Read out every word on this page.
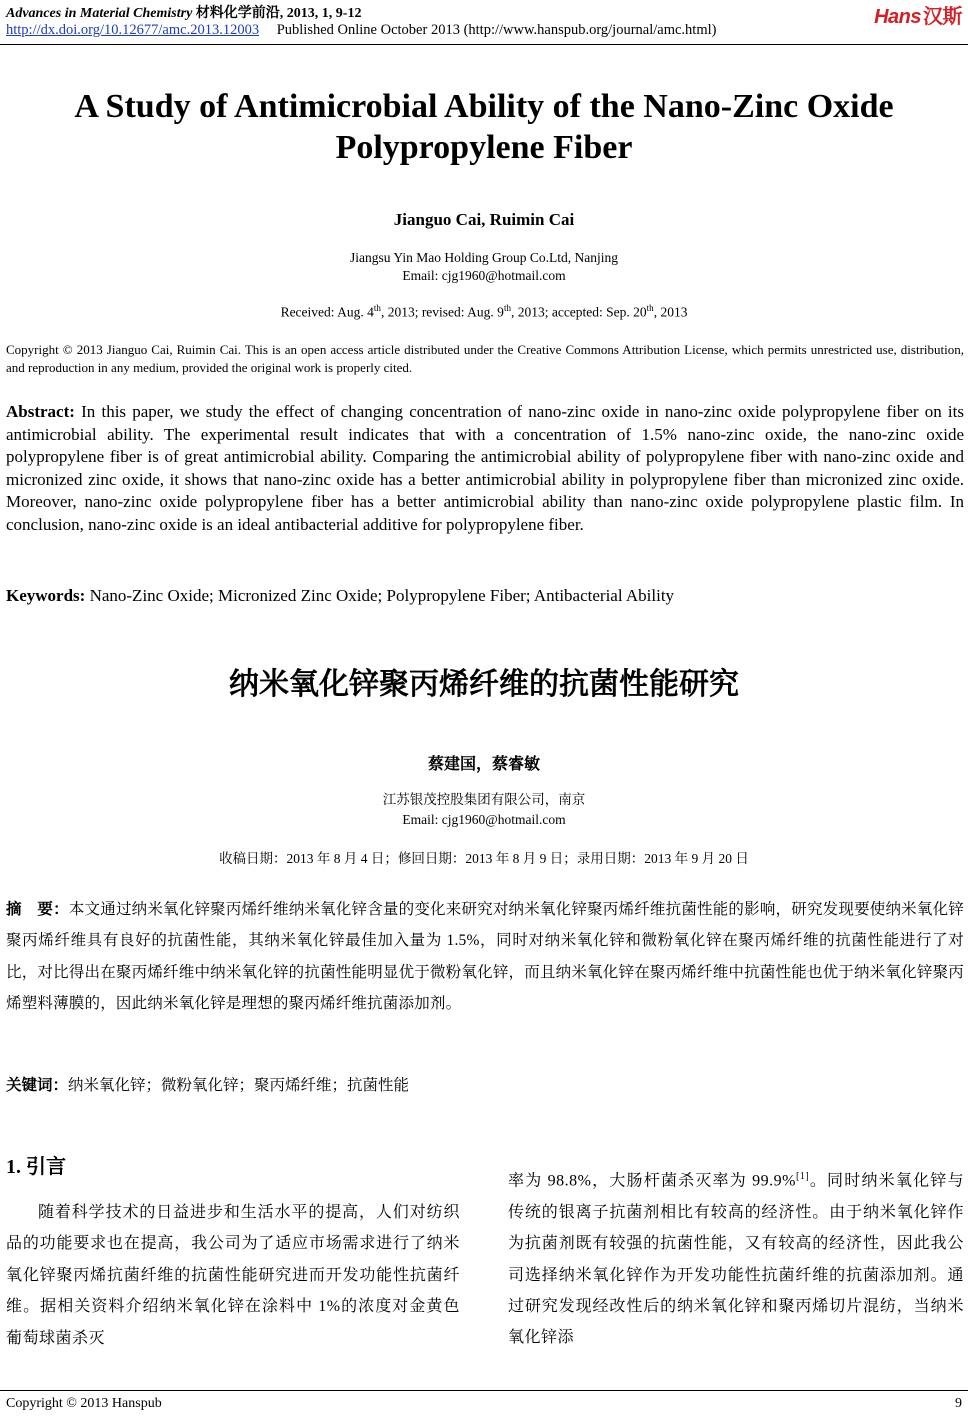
Advances in Material Chemistry 材料化学前沿, 2013, 1, 9-12	Hans 汉斯
http://dx.doi.org/10.12677/amc.2013.12003 Published Online October 2013 (http://www.hanspub.org/journal/amc.html)
A Study of Antimicrobial Ability of the Nano-Zinc Oxide Polypropylene Fiber
Jianguo Cai, Ruimin Cai
Jiangsu Yin Mao Holding Group Co.Ltd, Nanjing
Email: cjg1960@hotmail.com
Received: Aug. 4th, 2013; revised: Aug. 9th, 2013; accepted: Sep. 20th, 2013
Copyright © 2013 Jianguo Cai, Ruimin Cai. This is an open access article distributed under the Creative Commons Attribution License, which permits unrestricted use, distribution, and reproduction in any medium, provided the original work is properly cited.
Abstract: In this paper, we study the effect of changing concentration of nano-zinc oxide in nano-zinc oxide polypropylene fiber on its antimicrobial ability. The experimental result indicates that with a concentration of 1.5% nano-zinc oxide, the nano-zinc oxide polypropylene fiber is of great antimicrobial ability. Comparing the antimicrobial ability of polypropylene fiber with nano-zinc oxide and micronized zinc oxide, it shows that nano-zinc oxide has a better antimicrobial ability in polypropylene fiber than micronized zinc oxide. Moreover, nano-zinc oxide polypropylene fiber has a better antimicrobial ability than nano-zinc oxide polypropylene plastic film. In conclusion, nano-zinc oxide is an ideal antibacterial additive for polypropylene fiber.
Keywords: Nano-Zinc Oxide; Micronized Zinc Oxide; Polypropylene Fiber; Antibacterial Ability
纳米氧化锌聚丙烯纤维的抗菌性能研究
蔡建国，蔡睿敏
江苏银茂控股集团有限公司，南京
Email: cjg1960@hotmail.com
收稿日期：2013 年 8 月 4 日；修回日期：2013 年 8 月 9 日；录用日期：2013 年 9 月 20 日
摘　要：本文通过纳米氧化锌聚丙烯纤维纳米氧化锌含量的变化来研究对纳米氧化锌聚丙烯纤维抗菌性能的影响，研究发现要使纳米氧化锌聚丙烯纤维具有良好的抗菌性能，其纳米氧化锌最佳加入量为 1.5%，同时对纳米氧化锌和微粉氧化锌在聚丙烯纤维的抗菌性能进行了对比，对比得出在聚丙烯纤维中纳米氧化锌的抗菌性能明显优于微粉氧化锌，而且纳米氧化锌在聚丙烯纤维中抗菌性能也优于纳米氧化锌聚丙烯塑料薄膜的，因此纳米氧化锌是理想的聚丙烯纤维抗菌添加剂。
关键词：纳米氧化锌；微粉氧化锌；聚丙烯纤维；抗菌性能
1. 引言
随着科学技术的日益进步和生活水平的提高，人们对纺织品的功能要求也在提高，我公司为了适应市场需求进行了纳米氧化锌聚丙烯抗菌纤维的抗菌性能研究进而开发功能性抗菌纤维。据相关资料介绍纳米氧化锌在涂料中 1%的浓度对金黄色葡萄球菌杀灭
率为 98.8%，大肠杆菌杀灭率为 99.9%[1]。同时纳米氧化锌与传统的银离子抗菌剂相比有较高的经济性。由于纳米氧化锌作为抗菌剂既有较强的抗菌性能，又有较高的经济性，因此我公司选择纳米氧化锌作为开发功能性抗菌纤维的抗菌添加剂。通过研究发现经改性后的纳米氧化锌和聚丙烯切片混纺，当纳米氧化锌添
Copyright © 2013 Hanspub	9
